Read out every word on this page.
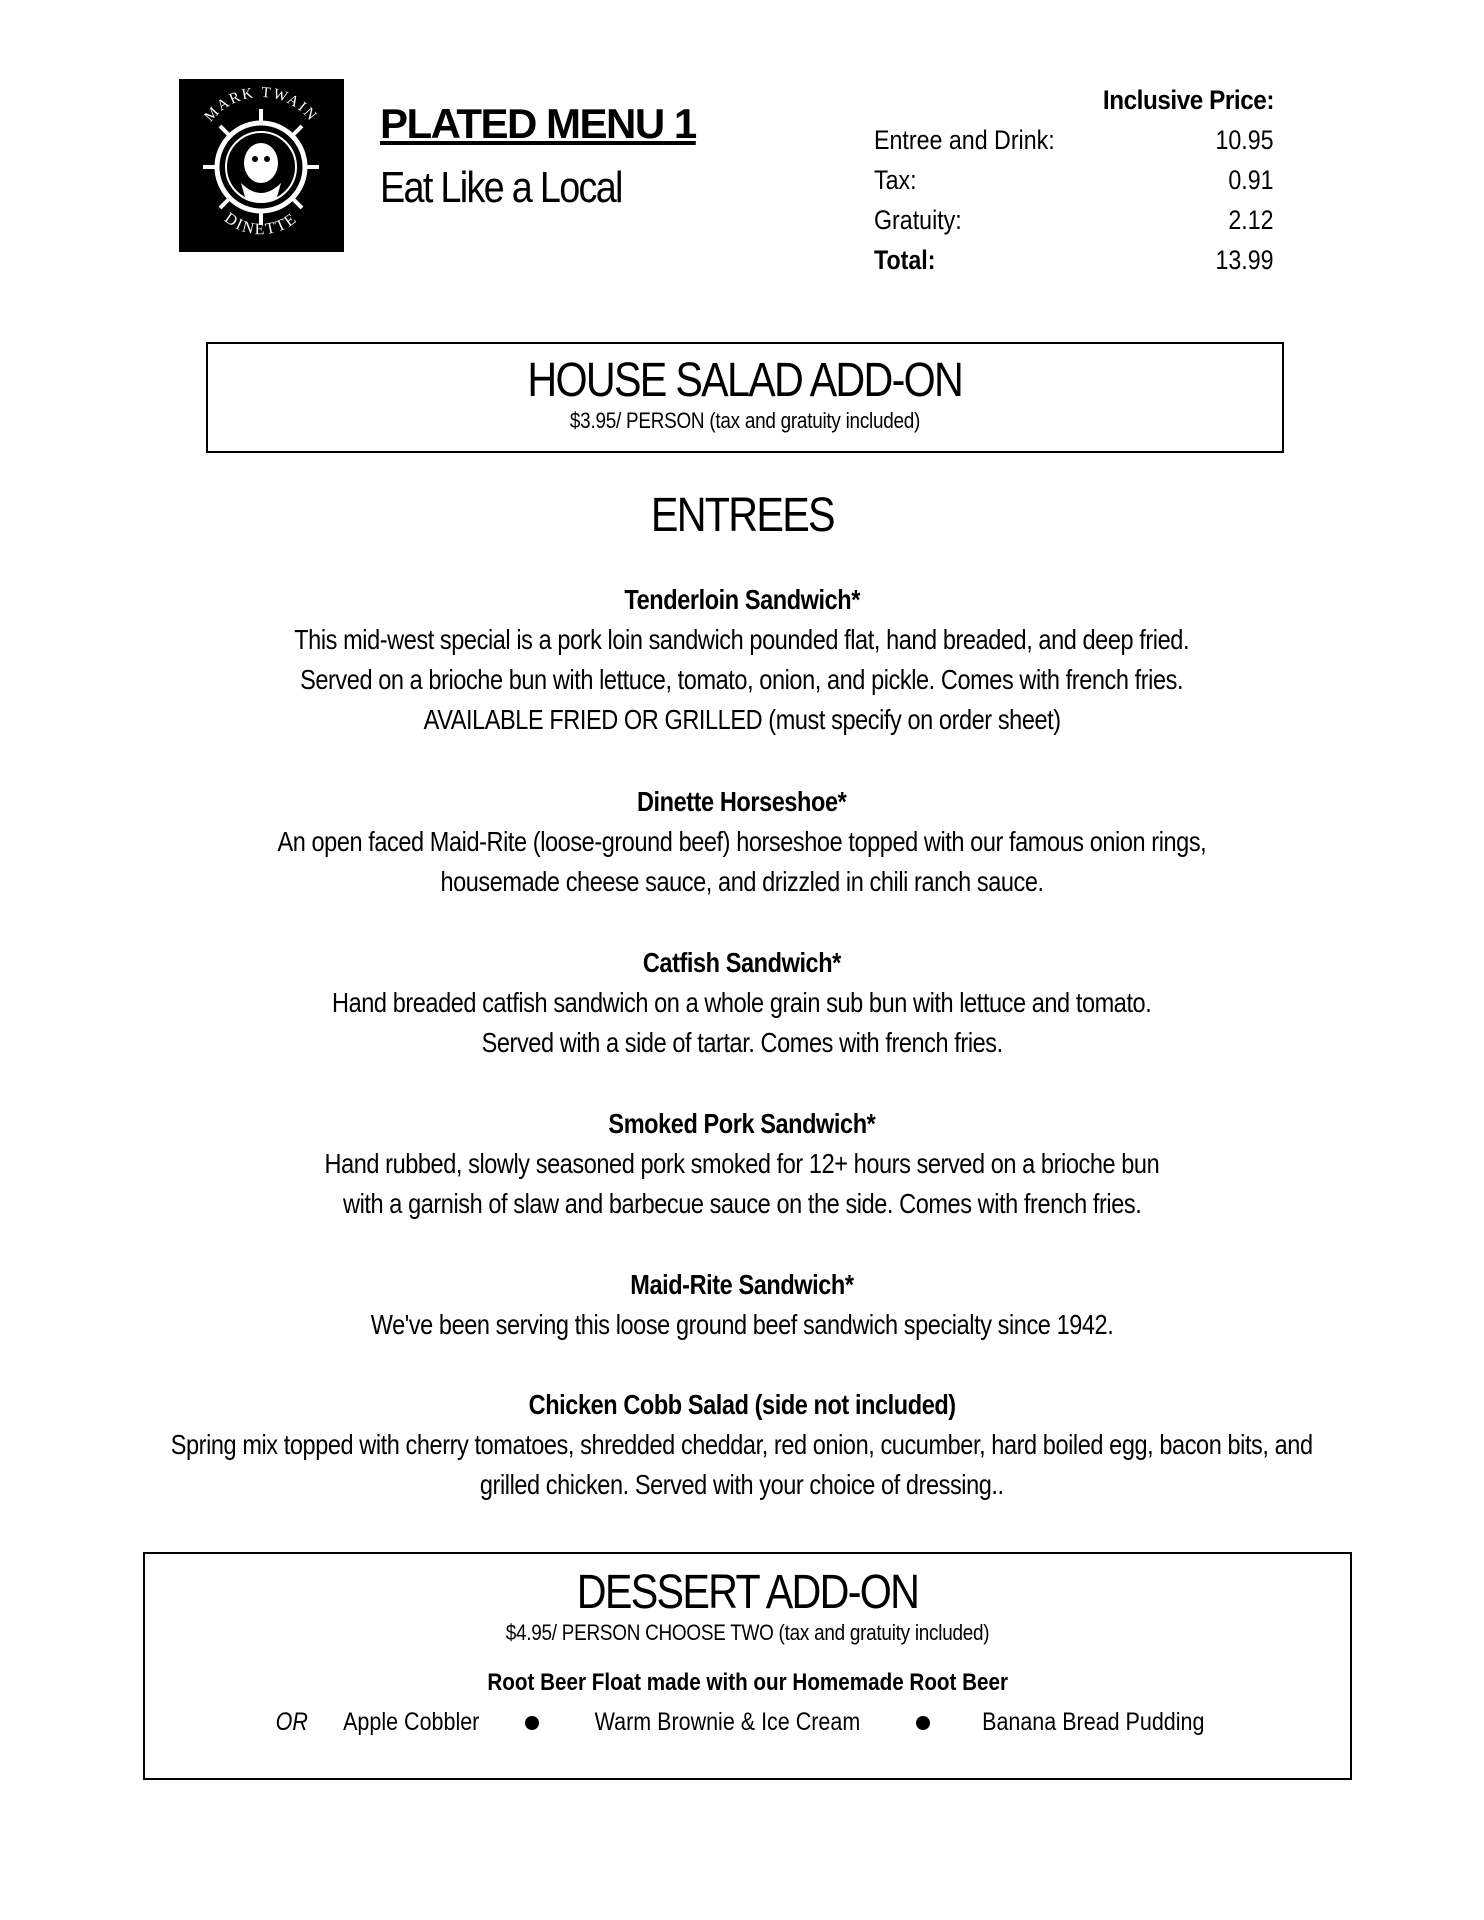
MARK TWAIN
DINETTE
PLATED MENU 1
Eat Like a Local
Inclusive Price:
Entree and Drink:	10.95
Tax:	0.91
Gratuity:	2.12
Total:	13.99
HOUSE SALAD ADD-ON
$3.95/ PERSON (tax and gratuity included)
ENTREES
Tenderloin Sandwich*
This mid-west special is a pork loin sandwich pounded flat, hand breaded, and deep fried.
Served on a brioche bun with lettuce, tomato, onion, and pickle. Comes with french fries.
AVAILABLE FRIED OR GRILLED (must specify on order sheet)
Dinette Horseshoe*
An open faced Maid-Rite (loose-ground beef) horseshoe topped with our famous onion rings,
housemade cheese sauce, and drizzled in chili ranch sauce.
Catfish Sandwich*
Hand breaded catfish sandwich on a whole grain sub bun with lettuce and tomato.
Served with a side of tartar. Comes with french fries.
Smoked Pork Sandwich*
Hand rubbed, slowly seasoned pork smoked for 12+ hours served on a brioche bun
with a garnish of slaw and barbecue sauce on the side. Comes with french fries.
Maid-Rite Sandwich*
We've been serving this loose ground beef sandwich specialty since 1942.
Chicken Cobb Salad (side not included)
Spring mix topped with cherry tomatoes, shredded cheddar, red onion, cucumber, hard boiled egg, bacon bits, and
grilled chicken. Served with your choice of dressing..
DESSERT ADD-ON
$4.95/ PERSON CHOOSE TWO (tax and gratuity included)
Root Beer Float made with our Homemade Root Beer
OR Apple Cobbler	Warm Brownie & Ice Cream	Banana Bread Pudding
